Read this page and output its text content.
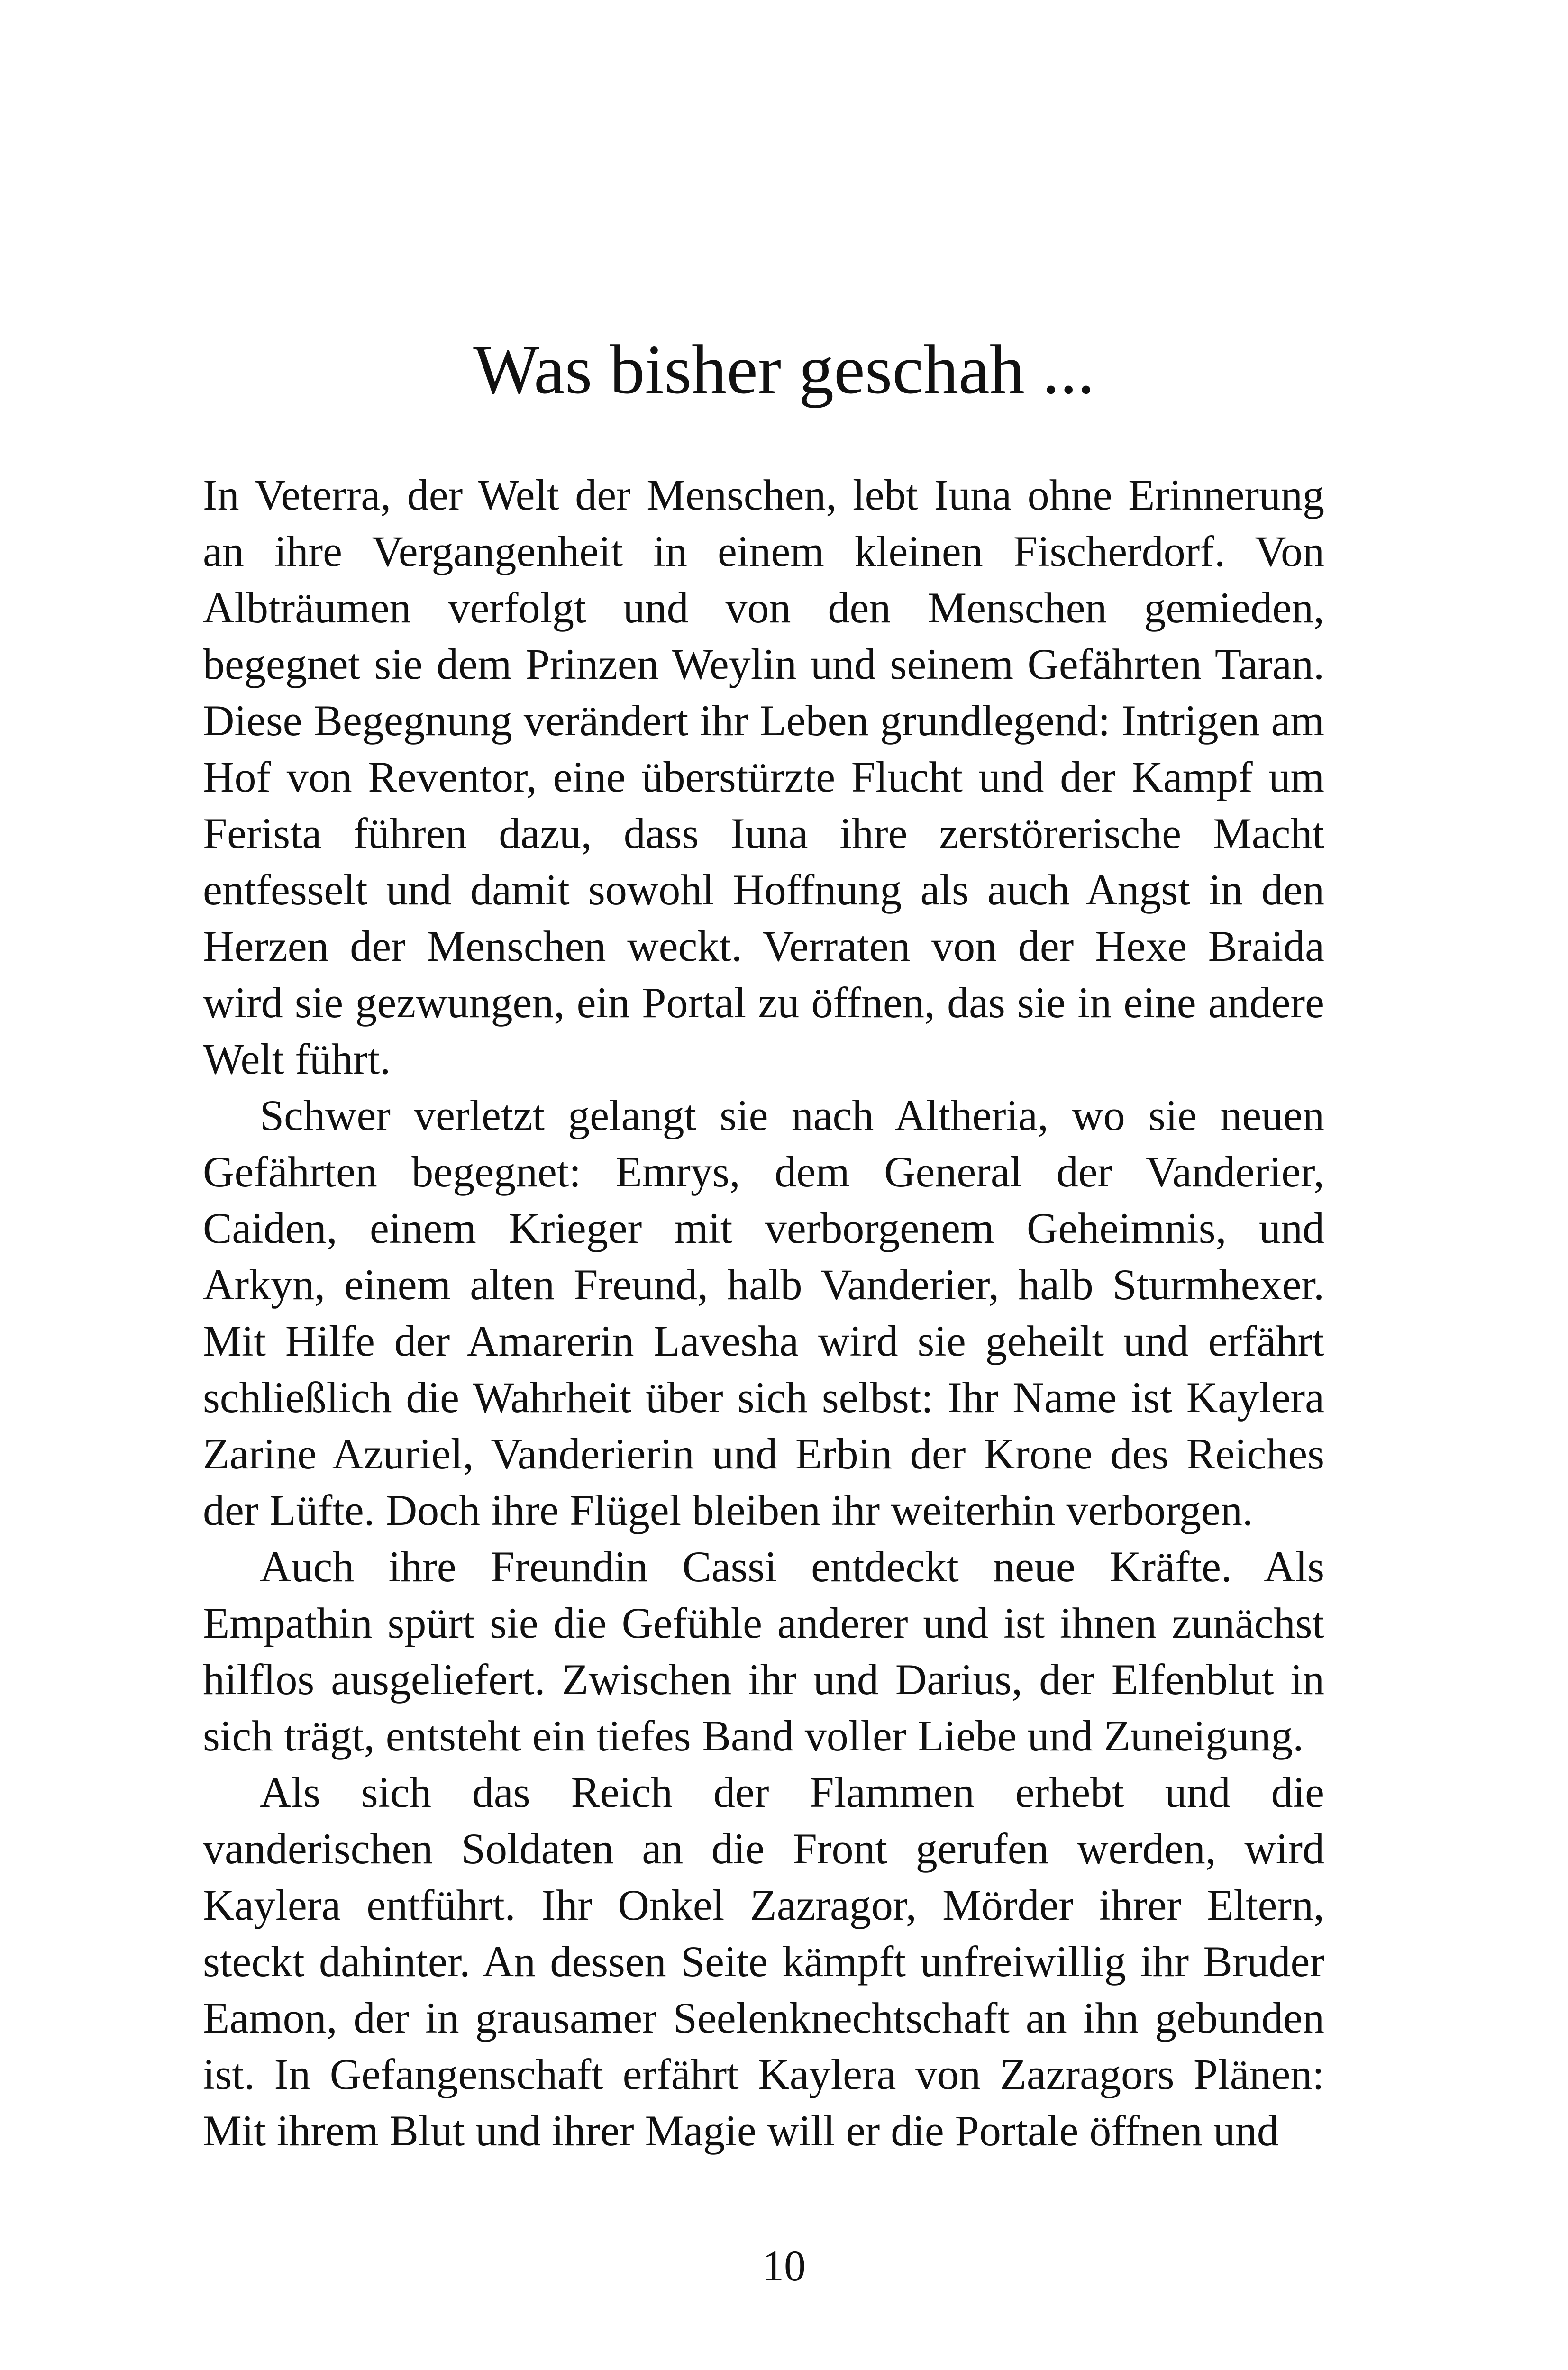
Was bisher geschah ...

In Veterra, der Welt der Menschen, lebt Iuna ohne Erinnerung an ihre Vergangenheit in einem kleinen Fischerdorf. Von Albträumen verfolgt und von den Menschen gemieden, begegnet sie dem Prinzen Weylin und seinem Gefährten Taran. Diese Begegnung verändert ihr Leben grundlegend: Intrigen am Hof von Reventor, eine überstürzte Flucht und der Kampf um Ferista führen dazu, dass Iuna ihre zerstörerische Macht entfesselt und damit sowohl Hoffnung als auch Angst in den Herzen der Menschen weckt. Verraten von der Hexe Braida wird sie gezwungen, ein Portal zu öffnen, das sie in eine andere Welt führt.

Schwer verletzt gelangt sie nach Altheria, wo sie neuen Gefährten begegnet: Emrys, dem General der Vanderier, Caiden, einem Krieger mit verborgenem Geheimnis, und Arkyn, einem alten Freund, halb Vanderier, halb Sturmhexer. Mit Hilfe der Amarerin Lavesha wird sie geheilt und erfährt schließlich die Wahrheit über sich selbst: Ihr Name ist Kaylera Zarine Azuriel, Vanderierin und Erbin der Krone des Reiches der Lüfte. Doch ihre Flügel bleiben ihr weiterhin verborgen.

Auch ihre Freundin Cassi entdeckt neue Kräfte. Als Empathin spürt sie die Gefühle anderer und ist ihnen zunächst hilflos ausgeliefert. Zwischen ihr und Darius, der Elfenblut in sich trägt, entsteht ein tiefes Band voller Liebe und Zuneigung.

Als sich das Reich der Flammen erhebt und die vanderischen Soldaten an die Front gerufen werden, wird Kaylera entführt. Ihr Onkel Zazragor, Mörder ihrer Eltern, steckt dahinter. An dessen Seite kämpft unfreiwillig ihr Bruder Eamon, der in grausamer Seelenknechtschaft an ihn gebunden ist. In Gefangenschaft erfährt Kaylera von Zazragors Plänen: Mit ihrem Blut und ihrer Magie will er die Portale öffnen und

10
